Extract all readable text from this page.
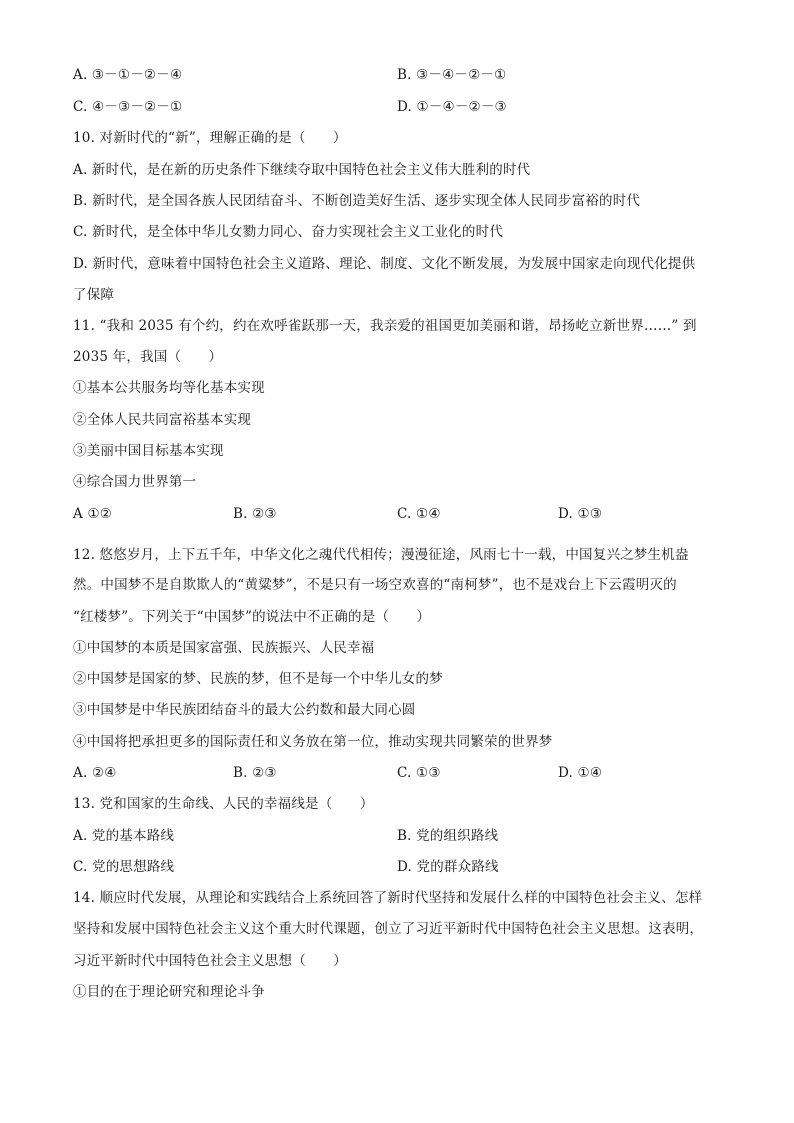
A. ③－①－②－④	B. ③－④－②－①
C. ④－③－②－①	D. ①－④－②－③
10. 对新时代的“新”，理解正确的是（　　）
A. 新时代，是在新的历史条件下继续夺取中国特色社会主义伟大胜利的时代
B. 新时代，是全国各族人民团结奋斗、不断创造美好生活、逐步实现全体人民同步富裕的时代
C. 新时代，是全体中华儿女勠力同心、奋力实现社会主义工业化的时代
D. 新时代，意味着中国特色社会主义道路、理论、制度、文化不断发展，为发展中国家走向现代化提供
了保障
11. “我和 2035 有个约，约在欢呼雀跃那一天，我亲爱的祖国更加美丽和谐，昂扬屹立新世界……” 到
2035 年，我国（　　）
①基本公共服务均等化基本实现
②全体人民共同富裕基本实现
③美丽中国目标基本实现
④综合国力世界第一
A ①②	B. ②③	C. ①④	D. ①③
12. 悠悠岁月，上下五千年，中华文化之魂代代相传；漫漫征途，风雨七十一载，中国复兴之梦生机盎
然。中国梦不是自欺欺人的“黄粱梦”，不是只有一场空欢喜的“南柯梦”，也不是戏台上下云霞明灭的
“红楼梦”。下列关于“中国梦”的说法中不正确的是（　　）
①中国梦的本质是国家富强、民族振兴、人民幸福
②中国梦是国家的梦、民族的梦，但不是每一个中华儿女的梦
③中国梦是中华民族团结奋斗的最大公约数和最大同心圆
④中国将把承担更多的国际责任和义务放在第一位，推动实现共同繁荣的世界梦
A. ②④	B. ②③	C. ①③	D. ①④
13. 党和国家的生命线、人民的幸福线是（　　）
A. 党的基本路线	B. 党的组织路线
C. 党的思想路线	D. 党的群众路线
14. 顺应时代发展，从理论和实践结合上系统回答了新时代坚持和发展什么样的中国特色社会主义、怎样
坚持和发展中国特色社会主义这个重大时代课题，创立了习近平新时代中国特色社会主义思想。这表明，
习近平新时代中国特色社会主义思想（　　）
①目的在于理论研究和理论斗争
